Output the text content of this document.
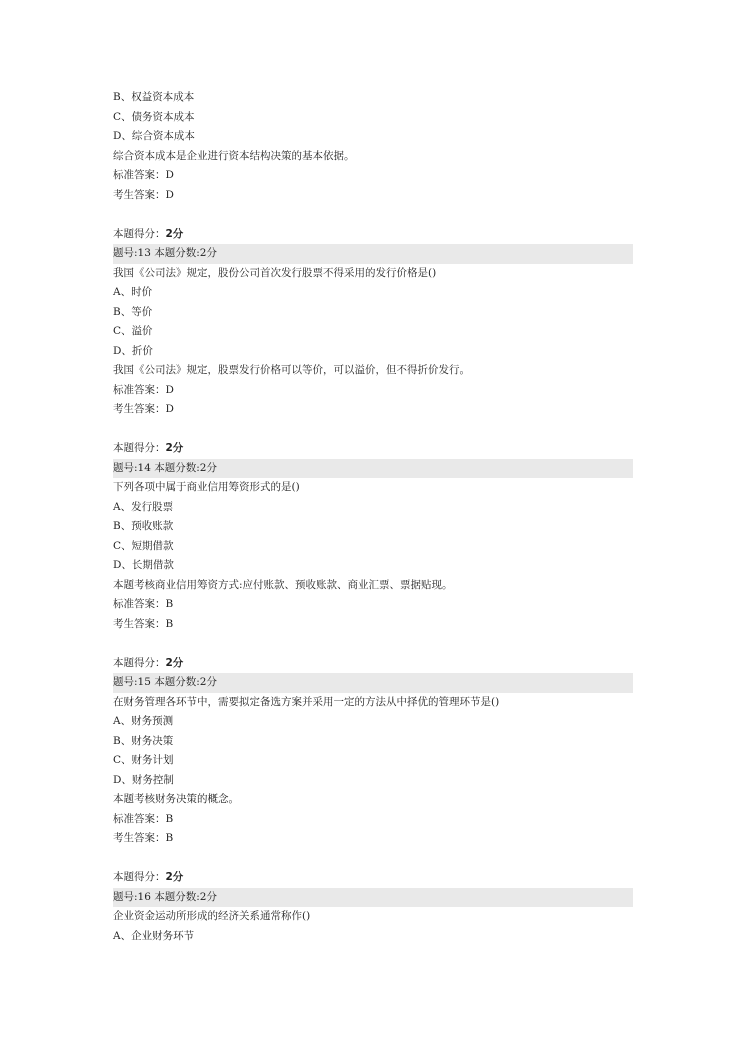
B、权益资本成本
C、债务资本成本
D、综合资本成本
综合资本成本是企业进行资本结构决策的基本依据。
标准答案：D
考生答案：D
本题得分：2分
题号:13 本题分数:2分
我国《公司法》规定，股份公司首次发行股票不得采用的发行价格是()
A、时价
B、等价
C、溢价
D、折价
我国《公司法》规定，股票发行价格可以等价，可以溢价，但不得折价发行。
标准答案：D
考生答案：D
本题得分：2分
题号:14 本题分数:2分
下列各项中属于商业信用筹资形式的是()
A、发行股票
B、预收账款
C、短期借款
D、长期借款
本题考核商业信用筹资方式:应付账款、预收账款、商业汇票、票据贴现。
标准答案：B
考生答案：B
本题得分：2分
题号:15 本题分数:2分
在财务管理各环节中，需要拟定备选方案并采用一定的方法从中择优的管理环节是()
A、财务预测
B、财务决策
C、财务计划
D、财务控制
本题考核财务决策的概念。
标准答案：B
考生答案：B
本题得分：2分
题号:16 本题分数:2分
企业资金运动所形成的经济关系通常称作()
A、企业财务环节
